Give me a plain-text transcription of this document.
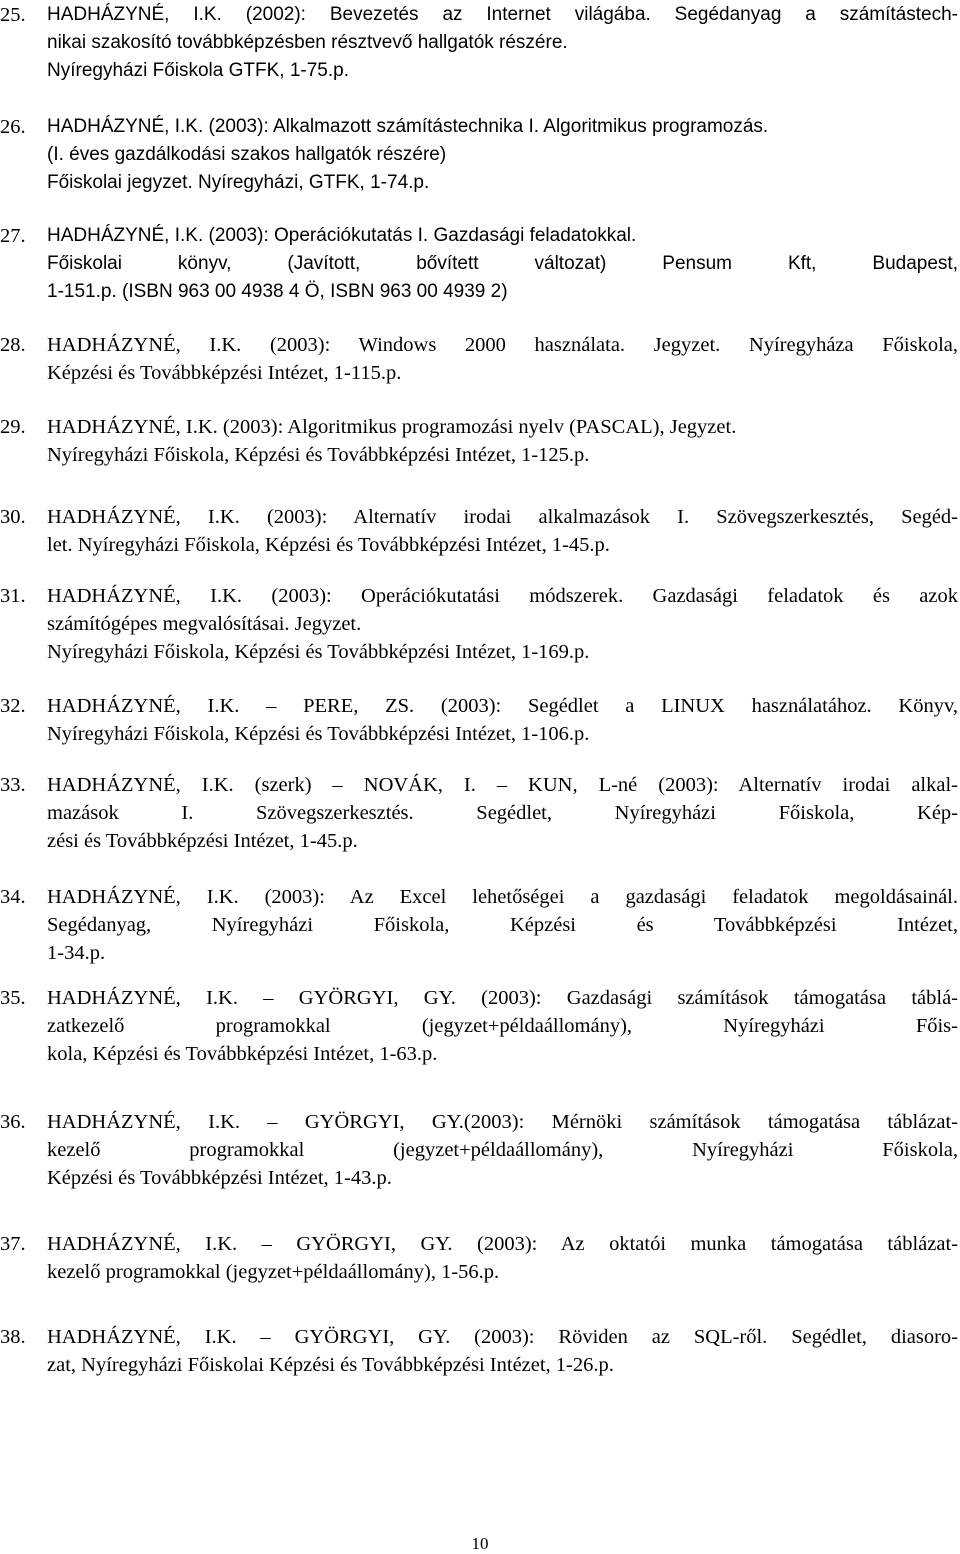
25. HADHÁZYNÉ, I.K. (2002): Bevezetés az Internet világába. Segédanyag a számítástech-
nikai szakosító továbbképzésben résztvevő hallgatók részére.
Nyíregyházi Főiskola GTFK, 1-75.p.
26. HADHÁZYNÉ, I.K. (2003): Alkalmazott számítástechnika I. Algoritmikus programozás.
(I. éves gazdálkodási szakos hallgatók részére)
Főiskolai jegyzet. Nyíregyházi, GTFK, 1-74.p.
27. HADHÁZYNÉ, I.K. (2003): Operációkutatás I. Gazdasági feladatokkal.
Főiskolai könyv, (Javított, bővített változat) Pensum Kft, Budapest,
1-151.p. (ISBN 963 00 4938 4 Ö, ISBN 963 00 4939 2)
28. HADHÁZYNÉ, I.K. (2003): Windows 2000 használata. Jegyzet. Nyíregyháza Főiskola,
Képzési és Továbbképzési Intézet, 1-115.p.
29. HADHÁZYNÉ, I.K. (2003): Algoritmikus programozási nyelv (PASCAL), Jegyzet.
Nyíregyházi Főiskola, Képzési és Továbbképzési Intézet, 1-125.p.
30. HADHÁZYNÉ, I.K. (2003): Alternatív irodai alkalmazások I. Szövegszerkesztés, Segéd-
let. Nyíregyházi Főiskola, Képzési és Továbbképzési Intézet, 1-45.p.
31. HADHÁZYNÉ, I.K. (2003): Operációkutatási módszerek. Gazdasági feladatok és azok
számítógépes megvalósításai. Jegyzet.
Nyíregyházi Főiskola, Képzési és Továbbképzési Intézet, 1-169.p.
32. HADHÁZYNÉ, I.K. – PERE, ZS. (2003): Segédlet a LINUX használatához. Könyv,
Nyíregyházi Főiskola, Képzési és Továbbképzési Intézet, 1-106.p.
33. HADHÁZYNÉ, I.K. (szerk) – NOVÁK, I. – KUN, L-né (2003): Alternatív irodai alkal-
mazások I. Szövegszerkesztés. Segédlet, Nyíregyházi Főiskola, Kép-
zési és Továbbképzési Intézet, 1-45.p.
34. HADHÁZYNÉ, I.K. (2003): Az Excel lehetőségei a gazdasági feladatok megoldásainál.
Segédanyag, Nyíregyházi Főiskola, Képzési és Továbbképzési Intézet,
1-34.p.
35. HADHÁZYNÉ, I.K. – GYÖRGYI, GY. (2003): Gazdasági számítások támogatása táblá-
zatkezelő programokkal (jegyzet+példaállomány), Nyíregyházi Főis-
kola, Képzési és Továbbképzési Intézet, 1-63.p.
36. HADHÁZYNÉ, I.K. – GYÖRGYI, GY.(2003): Mérnöki számítások támogatása táblázat-
kezelő programokkal (jegyzet+példaállomány), Nyíregyházi Főiskola,
Képzési és Továbbképzési Intézet, 1-43.p.
37. HADHÁZYNÉ, I.K. – GYÖRGYI, GY. (2003): Az oktatói munka támogatása táblázat-
kezelő programokkal (jegyzet+példaállomány), 1-56.p.
38. HADHÁZYNÉ, I.K. – GYÖRGYI, GY. (2003): Röviden az SQL-ről. Segédlet, diasoro-
zat, Nyíregyházi Főiskolai Képzési és Továbbképzési Intézet, 1-26.p.
10
